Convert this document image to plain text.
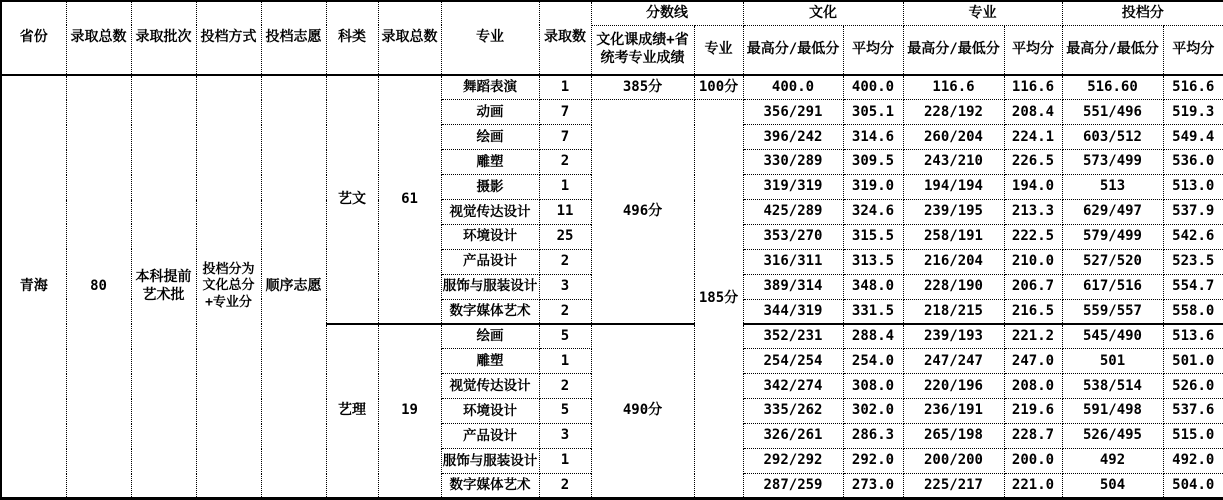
省份	录取总数	录取批次	投档方式	投档志愿	科类	录取总数	专业	录取数	分数线		文化		专业		投档分	
									文化课成绩+省统考专业成绩	专业	最高分/最低分	平均分	最高分/最低分	平均分	最高分/最低分	平均分
青海	80	本科提前艺术批	投档分为文化总分+专业分	顺序志愿	艺文	61	舞蹈表演	1	385分	100分	400.0	400.0	116.6	116.6	516.60	516.6
							动画	7	496分	185分	356/291	305.1	228/192	208.4	551/496	519.3
							绘画	7			396/242	314.6	260/204	224.1	603/512	549.4
							雕塑	2			330/289	309.5	243/210	226.5	573/499	536.0
							摄影	1			319/319	319.0	194/194	194.0	513	513.0
							视觉传达设计	11			425/289	324.6	239/195	213.3	629/497	537.9
							环境设计	25			353/270	315.5	258/191	222.5	579/499	542.6
							产品设计	2			316/311	313.5	216/204	210.0	527/520	523.5
							服饰与服装设计	3			389/314	348.0	228/190	206.7	617/516	554.7
							数字媒体艺术	2			344/319	331.5	218/215	216.5	559/557	558.0
					艺理	19	绘画	5	490分		352/231	288.4	239/193	221.2	545/490	513.6
							雕塑	1			254/254	254.0	247/247	247.0	501	501.0
							视觉传达设计	2			342/274	308.0	220/196	208.0	538/514	526.0
							环境设计	5			335/262	302.0	236/191	219.6	591/498	537.6
							产品设计	3			326/261	286.3	265/198	228.7	526/495	515.0
							服饰与服装设计	1			292/292	292.0	200/200	200.0	492	492.0
							数字媒体艺术	2			287/259	273.0	225/217	221.0	504	504.0
